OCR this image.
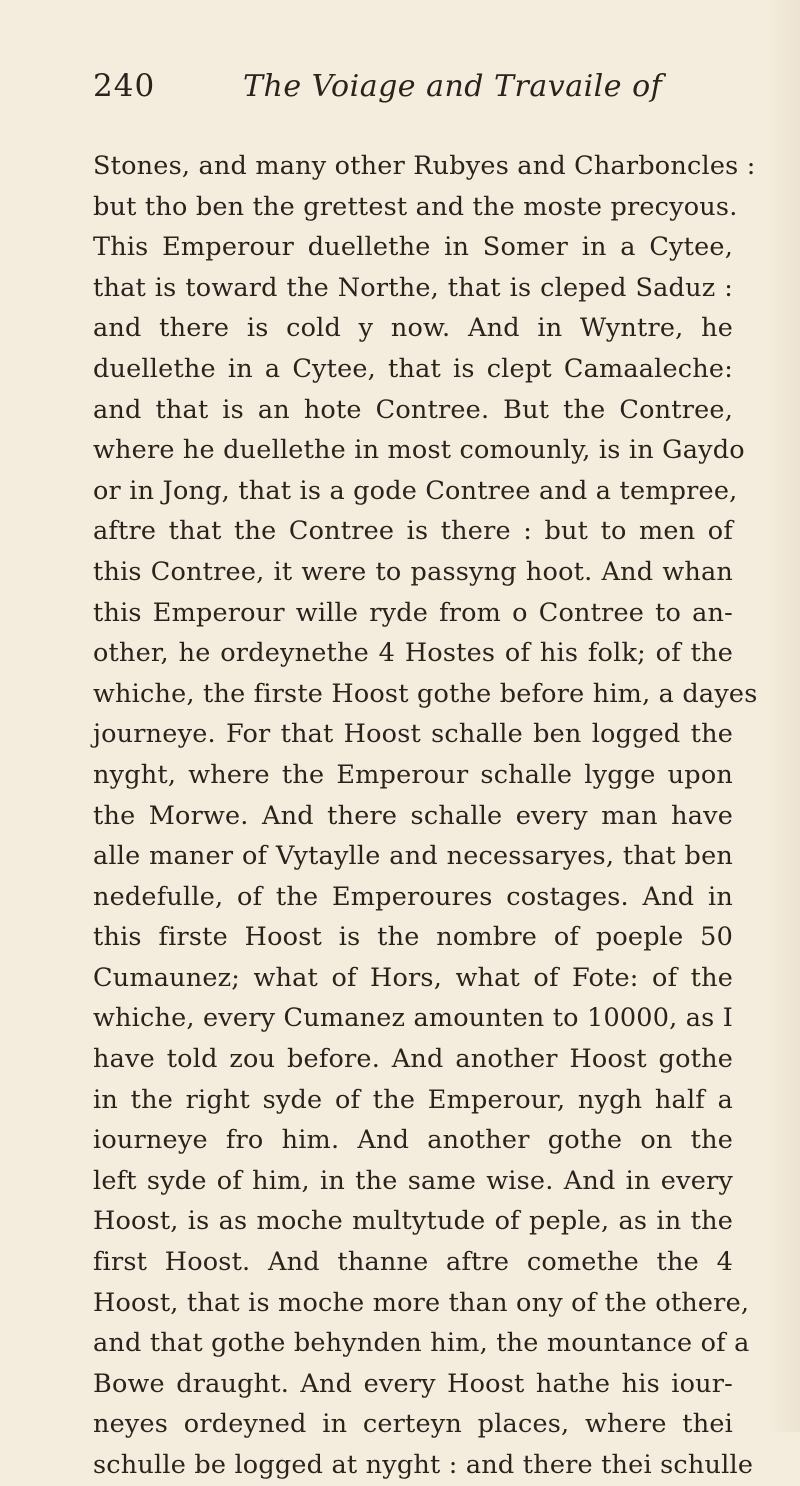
240	The Voiage and Travaile of
Stones, and many other Rubyes and Charboncles :
but tho ben the grettest and the moste precyous.
This Emperour duellethe in Somer in a Cytee,
that is toward the Northe, that is cleped Saduz :
and there is cold y now. And in Wyntre, he
duellethe in a Cytee, that is clept Camaaleche:
and that is an hote Contree. But the Contree,
where he duellethe in most comounly, is in Gaydo
or in Jong, that is a gode Contree and a tempree,
aftre that the Contree is there : but to men of
this Contree, it were to passyng hoot. And whan
this Emperour wille ryde from o Contree to an-
other, he ordeynethe 4 Hostes of his folk; of the
whiche, the firste Hoost gothe before him, a dayes
journeye. For that Hoost schalle ben logged the
nyght, where the Emperour schalle lygge upon
the Morwe. And there schalle every man have
alle maner of Vytaylle and necessaryes, that ben
nedefulle, of the Emperoures costages. And in
this firste Hoost is the nombre of poeple 50
Cumaunez; what of Hors, what of Fote: of the
whiche, every Cumanez amounten to 10000, as I
have told zou before. And another Hoost gothe
in the right syde of the Emperour, nygh half a
iourneye fro him. And another gothe on the
left syde of him, in the same wise. And in every
Hoost, is as moche multytude of peple, as in the
first Hoost. And thanne aftre comethe the 4
Hoost, that is moche more than ony of the othere,
and that gothe behynden him, the mountance of a
Bowe draught. And every Hoost hathe his iour-
neyes ordeyned in certeyn places, where thei
schulle be logged at nyght : and there thei schulle
